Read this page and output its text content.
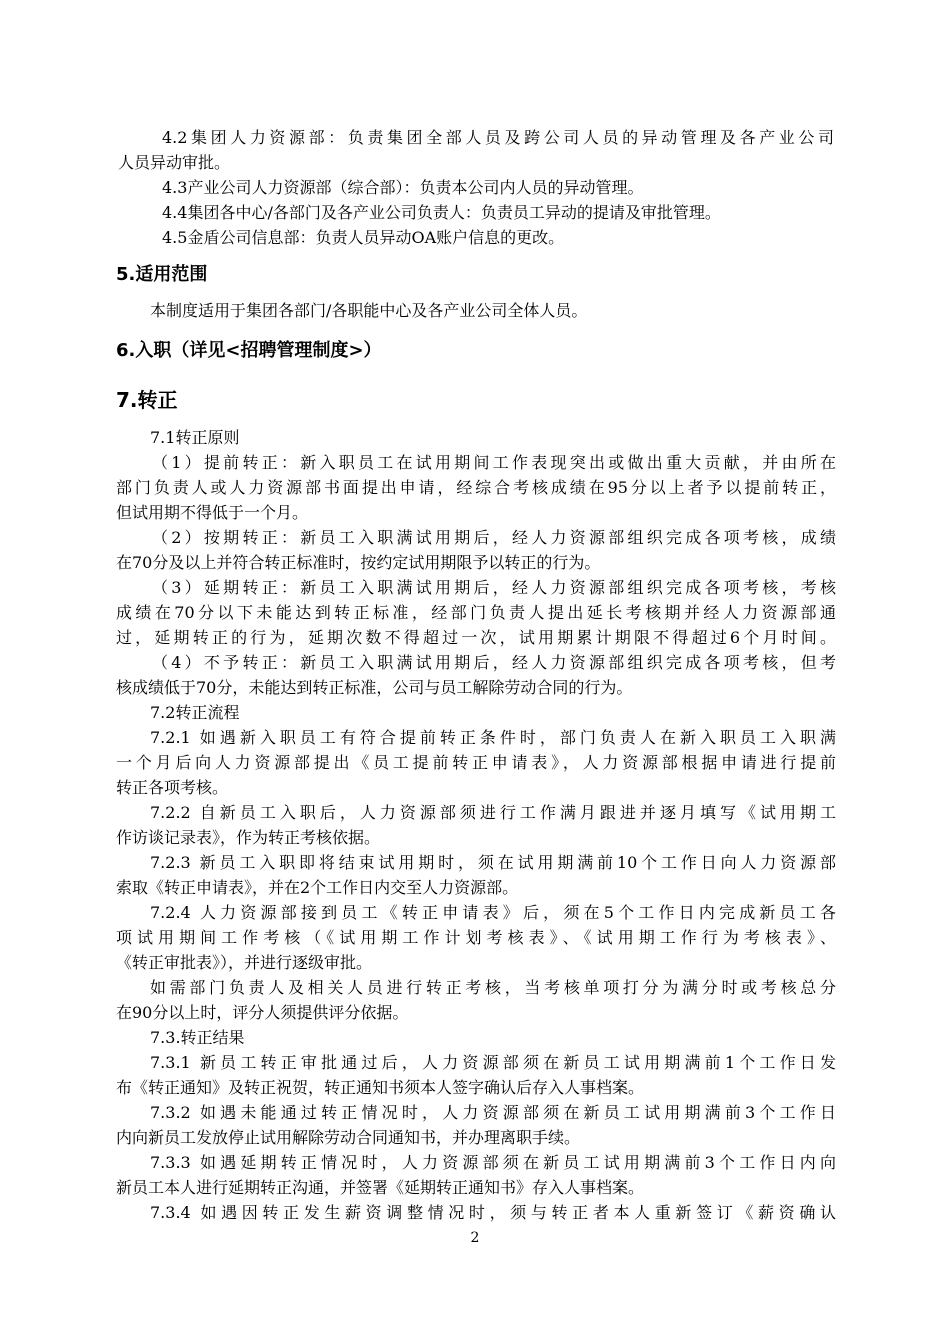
4.2集团人力资源部：负责集团全部人员及跨公司人员的异动管理及各产业公司
人员异动审批。
4.3产业公司人力资源部（综合部）：负责本公司内人员的异动管理。
4.4集团各中心/各部门及各产业公司负责人：负责员工异动的提请及审批管理。
4.5金盾公司信息部：负责人员异动OA账户信息的更改。
5.适用范围
本制度适用于集团各部门/各职能中心及各产业公司全体人员。
6.入职（详见<招聘管理制度>）
7.转正
7.1转正原则
（1）提前转正：新入职员工在试用期间工作表现突出或做出重大贡献，并由所在
部门负责人或人力资源部书面提出申请，经综合考核成绩在95分以上者予以提前转正，
但试用期不得低于一个月。
（2）按期转正：新员工入职满试用期后，经人力资源部组织完成各项考核，成绩
在70分及以上并符合转正标准时，按约定试用期限予以转正的行为。
（3）延期转正：新员工入职满试用期后，经人力资源部组织完成各项考核，考核
成绩在70分以下未能达到转正标准，经部门负责人提出延长考核期并经人力资源部通
过，延期转正的行为，延期次数不得超过一次，试用期累计期限不得超过6个月时间。
（4）不予转正：新员工入职满试用期后，经人力资源部组织完成各项考核，但考
核成绩低于70分，未能达到转正标准，公司与员工解除劳动合同的行为。
7.2转正流程
7.2.1 如遇新入职员工有符合提前转正条件时，部门负责人在新入职员工入职满
一个月后向人力资源部提出《员工提前转正申请表》，人力资源部根据申请进行提前
转正各项考核。
7.2.2 自新员工入职后，人力资源部须进行工作满月跟进并逐月填写《试用期工
作访谈记录表》，作为转正考核依据。
7.2.3 新员工入职即将结束试用期时，须在试用期满前10个工作日向人力资源部
索取《转正申请表》，并在2个工作日内交至人力资源部。
7.2.4 人力资源部接到员工《转正申请表》后，须在5个工作日内完成新员工各
项试用期间工作考核（《试用期工作计划考核表》、《试用期工作行为考核表》、
《转正审批表》），并进行逐级审批。
如需部门负责人及相关人员进行转正考核，当考核单项打分为满分时或考核总分
在90分以上时，评分人须提供评分依据。
7.3.转正结果
7.3.1 新员工转正审批通过后，人力资源部须在新员工试用期满前1个工作日发
布《转正通知》及转正祝贺，转正通知书须本人签字确认后存入人事档案。
7.3.2 如遇未能通过转正情况时，人力资源部须在新员工试用期满前3个工作日
内向新员工发放停止试用解除劳动合同通知书，并办理离职手续。
7.3.3 如遇延期转正情况时，人力资源部须在新员工试用期满前3个工作日内向
新员工本人进行延期转正沟通，并签署《延期转正通知书》存入人事档案。
7.3.4 如遇因转正发生薪资调整情况时，须与转正者本人重新签订《薪资确认
2
